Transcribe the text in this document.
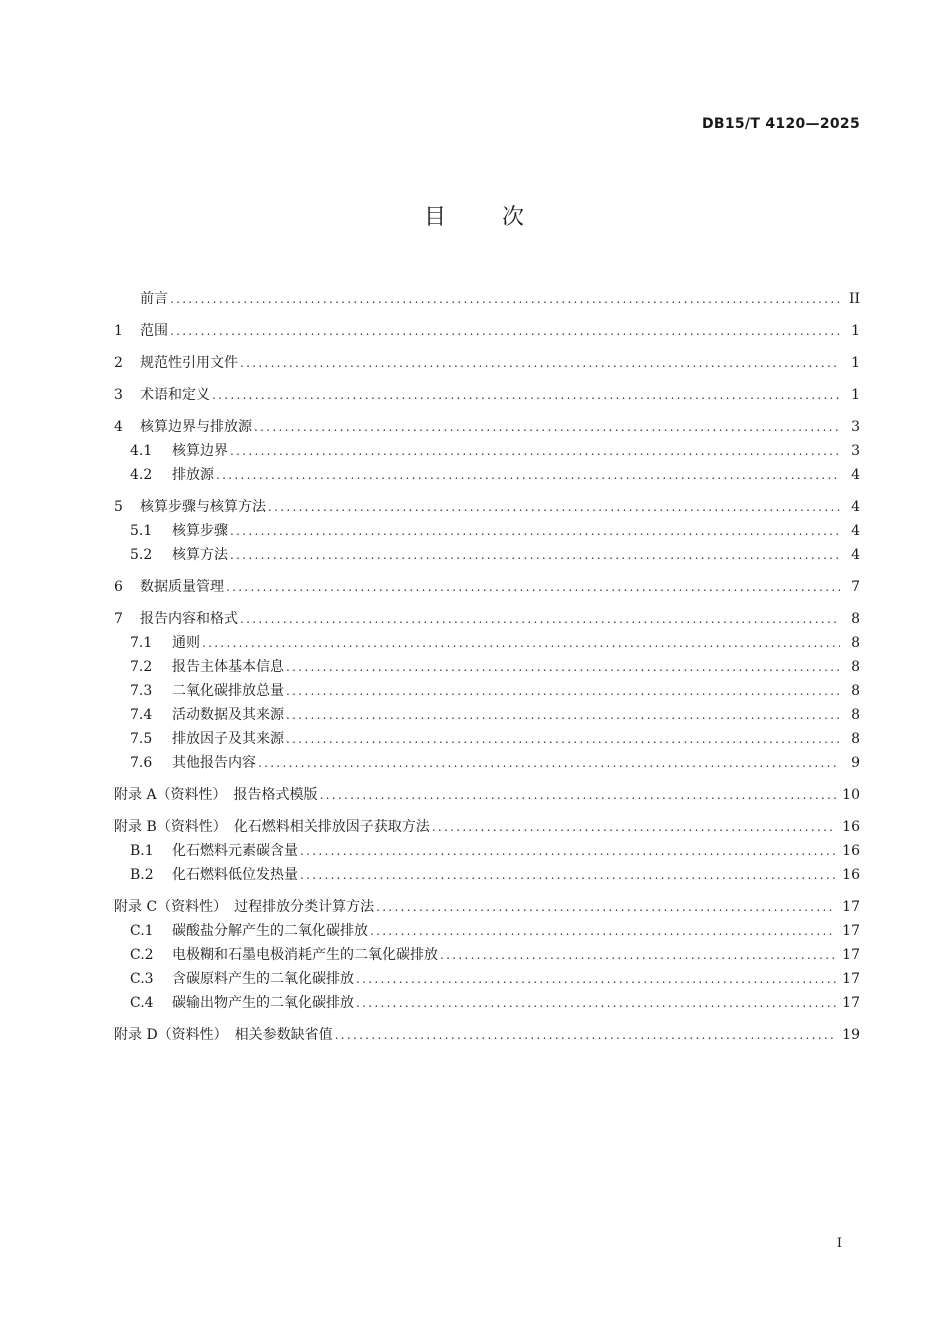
DB15/T 4120—2025
目 次
前言 .....	II
1	范围 .....	1
2	规范性引用文件 .....	1
3	术语和定义 .....	1
4	核算边界与排放源 .....	3
4.1	核算边界 .....	3
4.2	排放源 .....	4
5	核算步骤与核算方法 .....	4
5.1	核算步骤 .....	4
5.2	核算方法 .....	4
6	数据质量管理 .....	7
7	报告内容和格式 .....	8
7.1	通则 .....	8
7.2	报告主体基本信息 .....	8
7.3	二氧化碳排放总量 .....	8
7.4	活动数据及其来源 .....	8
7.5	排放因子及其来源 .....	8
7.6	其他报告内容 .....	9
附录 A（资料性）　报告格式模版 .....	10
附录 B（资料性）　化石燃料相关排放因子获取方法 .....	16
B.1	化石燃料元素碳含量 .....	16
B.2	化石燃料低位发热量 .....	16
附录 C（资料性）　过程排放分类计算方法 .....	17
C.1	碳酸盐分解产生的二氧化碳排放 .....	17
C.2	电极糊和石墨电极消耗产生的二氧化碳排放 .....	17
C.3	含碳原料产生的二氧化碳排放 .....	17
C.4	碳输出物产生的二氧化碳排放 .....	17
附录 D（资料性）　相关参数缺省值 .....	19
I
